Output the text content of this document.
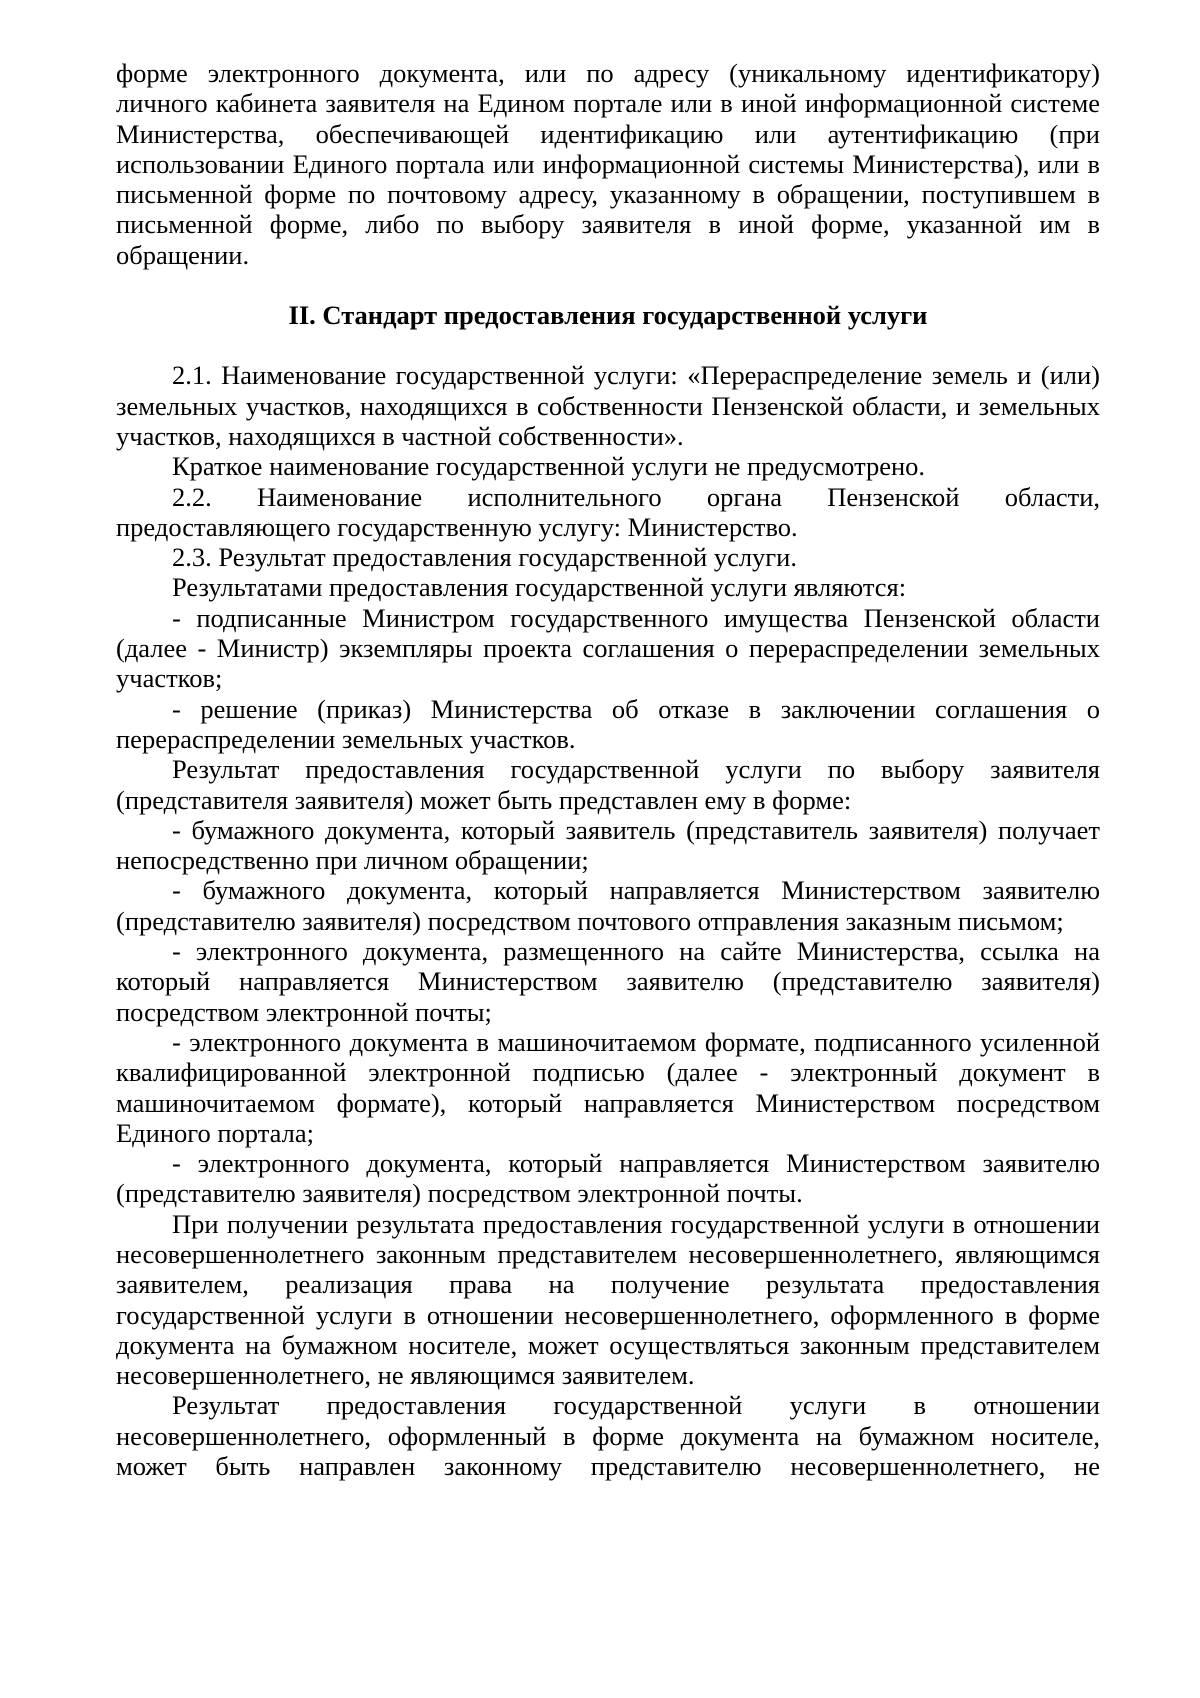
форме электронного документа, или по адресу (уникальному идентификатору) личного кабинета заявителя на Едином портале или в иной информационной системе Министерства, обеспечивающей идентификацию или аутентификацию (при использовании Единого портала или информационной системы Министерства), или в письменной форме по почтовому адресу, указанному в обращении, поступившем в письменной форме, либо по выбору заявителя в иной форме, указанной им в обращении.

II. Стандарт предоставления государственной услуги

2.1. Наименование государственной услуги: «Перераспределение земель и (или) земельных участков, находящихся в собственности Пензенской области, и земельных участков, находящихся в частной собственности».

Краткое наименование государственной услуги не предусмотрено.

2.2. Наименование исполнительного органа Пензенской области, предоставляющего государственную услугу: Министерство.

2.3. Результат предоставления государственной услуги.

Результатами предоставления государственной услуги являются:

- подписанные Министром государственного имущества Пензенской области (далее - Министр) экземпляры проекта соглашения о перераспределении земельных участков;

- решение (приказ) Министерства об отказе в заключении соглашения о перераспределении земельных участков.

Результат предоставления государственной услуги по выбору заявителя (представителя заявителя) может быть представлен ему в форме:

- бумажного документа, который заявитель (представитель заявителя) получает непосредственно при личном обращении;

- бумажного документа, который направляется Министерством заявителю (представителю заявителя) посредством почтового отправления заказным письмом;

- электронного документа, размещенного на сайте Министерства, ссылка на который направляется Министерством заявителю (представителю заявителя) посредством электронной почты;

- электронного документа в машиночитаемом формате, подписанного усиленной квалифицированной электронной подписью (далее - электронный документ в машиночитаемом формате), который направляется Министерством посредством Единого портала;

- электронного документа, который направляется Министерством заявителю (представителю заявителя) посредством электронной почты.

При получении результата предоставления государственной услуги в отношении несовершеннолетнего законным представителем несовершеннолетнего, являющимся заявителем, реализация права на получение результата предоставления государственной услуги в отношении несовершеннолетнего, оформленного в форме документа на бумажном носителе, может осуществляться законным представителем несовершеннолетнего, не являющимся заявителем.

Результат предоставления государственной услуги в отношении несовершеннолетнего, оформленный в форме документа на бумажном носителе, может быть направлен законному представителю несовершеннолетнего, не
